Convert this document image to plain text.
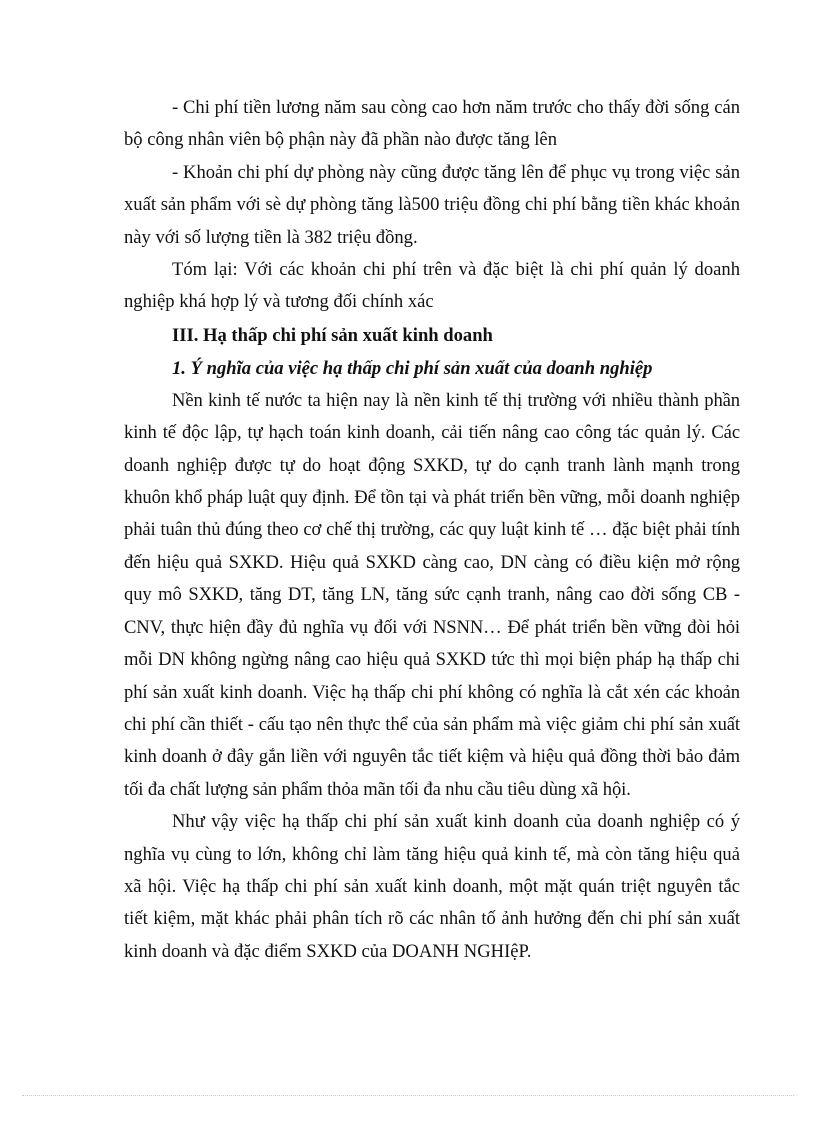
- Chi phí tiền lương năm sau còng cao hơn năm trước cho thấy đời sống cán bộ công nhân viên bộ phận này đã phần nào được tăng lên

- Khoản chi phí dự phòng này cũng được tăng lên để phục vụ trong việc sản xuất sản phẩm với sè dự phòng tăng là500 triệu đồng chi phí bằng tiền khác khoản này với số lượng tiền là 382 triệu đồng.

Tóm lại: Với các khoản chi phí trên và đặc biệt là chi phí quản lý doanh nghiệp khá hợp lý và tương đối chính xác

III. Hạ thấp chi phí sản xuất kinh doanh

1. Ý nghĩa của việc hạ thấp chi phí sản xuất của doanh nghiệp

Nền kinh tế nước ta hiện nay là nền kinh tế thị trường với nhiều thành phần kinh tế độc lập, tự hạch toán kinh doanh, cải tiến nâng cao công tác quản lý. Các doanh nghiệp được tự do hoạt động SXKD, tự do cạnh tranh lành mạnh trong khuôn khổ pháp luật quy định. Để tồn tại và phát triển bền vững, mỗi doanh nghiệp phải tuân thủ đúng theo cơ chế thị trường, các quy luật kinh tế … đặc biệt phải tính đến hiệu quả SXKD. Hiệu quả SXKD càng cao, DN càng có điều kiện mở rộng quy mô SXKD, tăng DT, tăng LN, tăng sức cạnh tranh, nâng cao đời sống CB - CNV, thực hiện đầy đủ nghĩa vụ đối với NSNN… Để phát triển bền vững đòi hỏi mỗi DN không ngừng nâng cao hiệu quả SXKD tức thì mọi biện pháp hạ thấp chi phí sản xuất kinh doanh. Việc hạ thấp chi phí không có nghĩa là cắt xén các khoản chi phí cần thiết - cấu tạo nên thực thể của sản phẩm mà việc giảm chi phí sản xuất kinh doanh ở đây gắn liền với nguyên tắc tiết kiệm và hiệu quả đồng thời bảo đảm tối đa chất lượng sản phẩm thỏa mãn tối đa nhu cầu tiêu dùng xã hội.

Như vậy việc hạ thấp chi phí sản xuất kinh doanh của doanh nghiệp có ý nghĩa vụ cùng to lớn, không chỉ làm tăng hiệu quả kinh tế, mà còn tăng hiệu quả xã hội. Việc hạ thấp chi phí sản xuất kinh doanh, một mặt quán triệt nguyên tắc tiết kiệm, mặt khác phải phân tích rõ các nhân tố ảnh hưởng đến chi phí sản xuất kinh doanh và đặc điểm SXKD của DOANH NGHIệP.
